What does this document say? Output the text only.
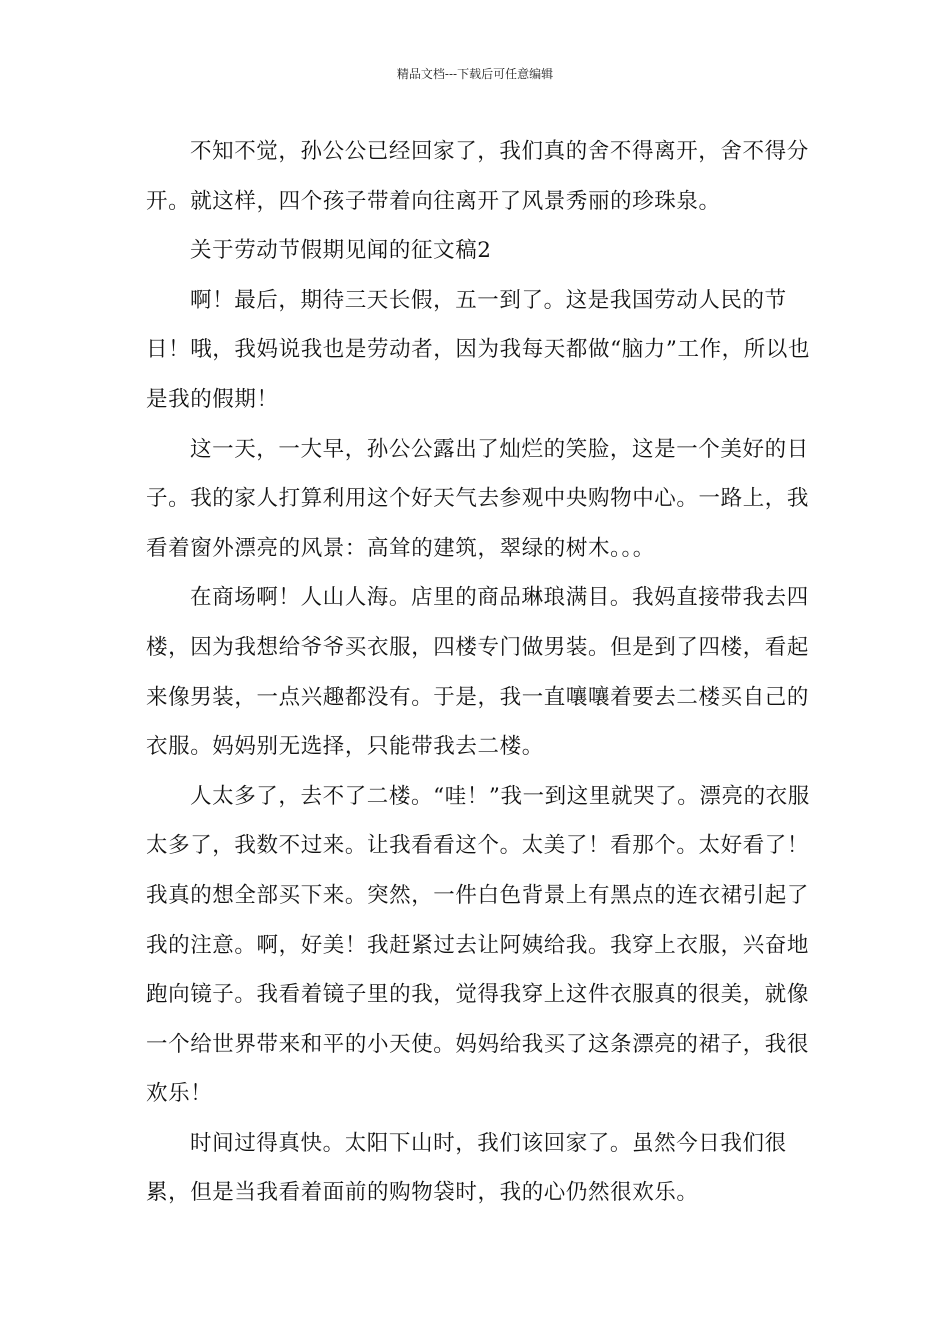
精品文档---下载后可任意编辑

不知不觉，孙公公已经回家了，我们真的舍不得离开，舍不得分开。就这样，四个孩子带着向往离开了风景秀丽的珍珠泉。

关于劳动节假期见闻的征文稿2

啊！最后，期待三天长假，五一到了。这是我国劳动人民的节日！哦，我妈说我也是劳动者，因为我每天都做“脑力”工作，所以也是我的假期！

这一天，一大早，孙公公露出了灿烂的笑脸，这是一个美好的日子。我的家人打算利用这个好天气去参观中央购物中心。一路上，我看着窗外漂亮的风景：高耸的建筑，翠绿的树木。。。

在商场啊！人山人海。店里的商品琳琅满目。我妈直接带我去四楼，因为我想给爷爷买衣服，四楼专门做男装。但是到了四楼，看起来像男装，一点兴趣都没有。于是，我一直嚷嚷着要去二楼买自己的衣服。妈妈别无选择，只能带我去二楼。

人太多了，去不了二楼。“哇！”我一到这里就哭了。漂亮的衣服太多了，我数不过来。让我看看这个。太美了！看那个。太好看了！我真的想全部买下来。突然，一件白色背景上有黑点的连衣裙引起了我的注意。啊，好美！我赶紧过去让阿姨给我。我穿上衣服，兴奋地跑向镜子。我看着镜子里的我，觉得我穿上这件衣服真的很美，就像一个给世界带来和平的小天使。妈妈给我买了这条漂亮的裙子，我很欢乐！

时间过得真快。太阳下山时，我们该回家了。虽然今日我们很累，但是当我看着面前的购物袋时，我的心仍然很欢乐。
